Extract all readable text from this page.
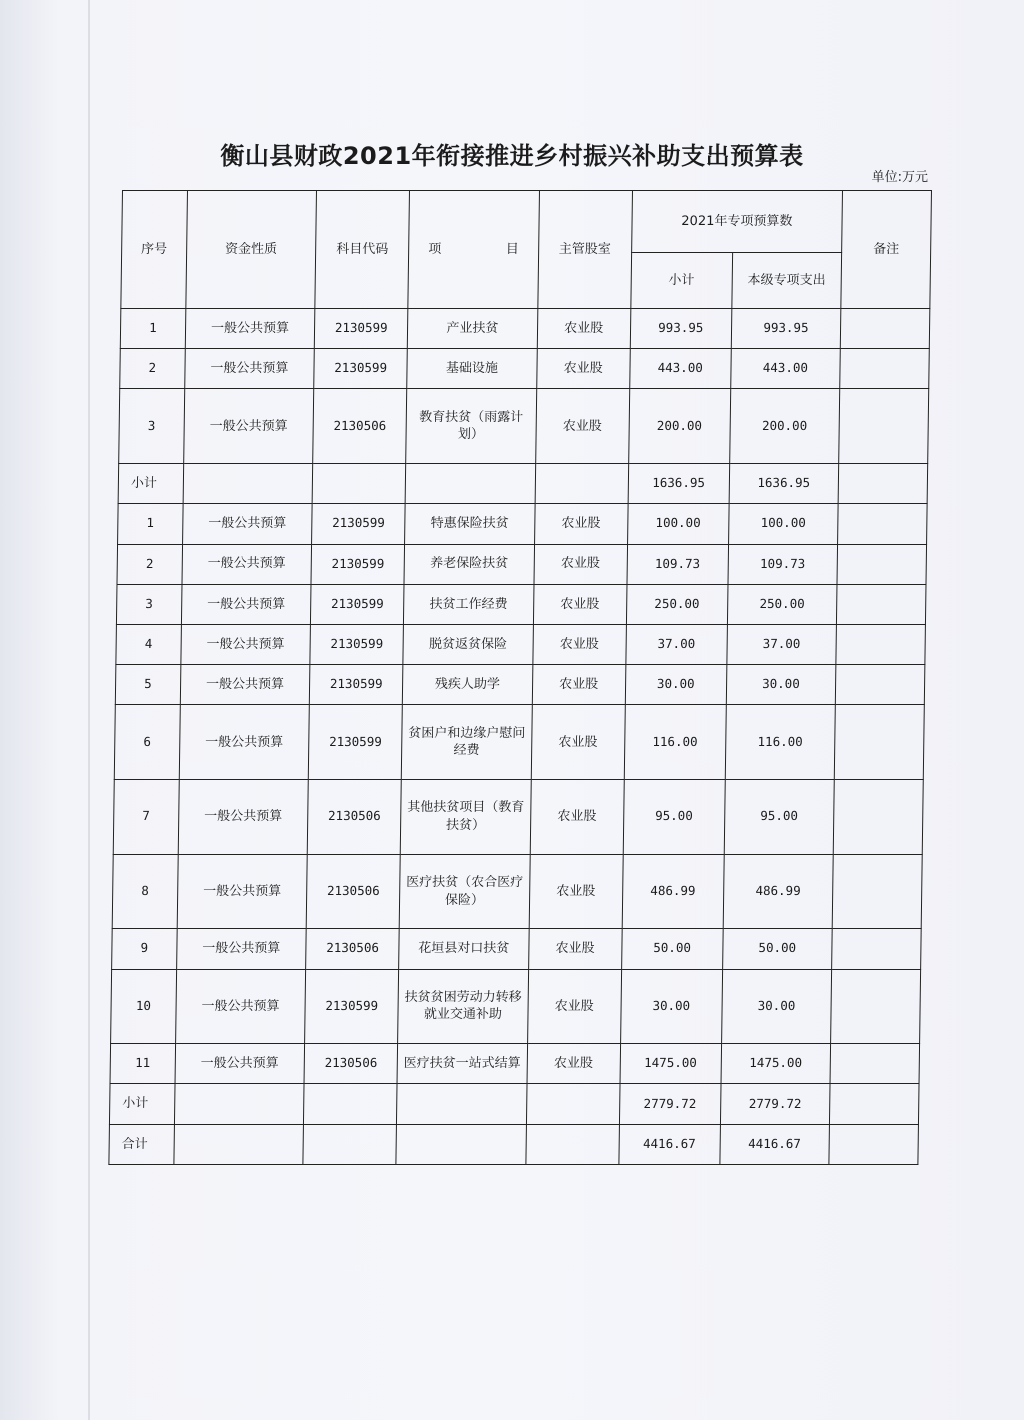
衡山县财政2021年衔接推进乡村振兴补助支出预算表
单位:万元
序号	资金性质	科目代码	项 目	主管股室	2021年专项预算数		备注
					小计	本级专项支出	
1	一般公共预算	2130599	产业扶贫	农业股	993.95	993.95	
2	一般公共预算	2130599	基础设施	农业股	443.00	443.00	
3	一般公共预算	2130506	教育扶贫（雨露计划）	农业股	200.00	200.00	
小计					1636.95	1636.95	
1	一般公共预算	2130599	特惠保险扶贫	农业股	100.00	100.00	
2	一般公共预算	2130599	养老保险扶贫	农业股	109.73	109.73	
3	一般公共预算	2130599	扶贫工作经费	农业股	250.00	250.00	
4	一般公共预算	2130599	脱贫返贫保险	农业股	37.00	37.00	
5	一般公共预算	2130599	残疾人助学	农业股	30.00	30.00	
6	一般公共预算	2130599	贫困户和边缘户慰问经费	农业股	116.00	116.00	
7	一般公共预算	2130506	其他扶贫项目（教育扶贫）	农业股	95.00	95.00	
8	一般公共预算	2130506	医疗扶贫（农合医疗保险）	农业股	486.99	486.99	
9	一般公共预算	2130506	花垣县对口扶贫	农业股	50.00	50.00	
10	一般公共预算	2130599	扶贫贫困劳动力转移就业交通补助	农业股	30.00	30.00	
11	一般公共预算	2130506	医疗扶贫一站式结算	农业股	1475.00	1475.00	
小计					2779.72	2779.72	
合计					4416.67	4416.67	
